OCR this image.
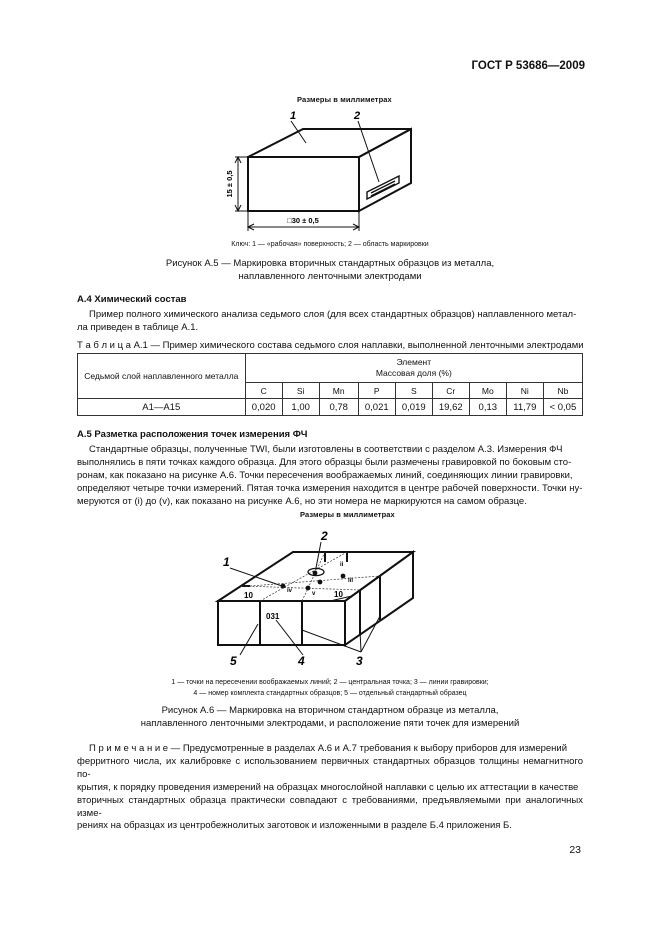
ГОСТ Р 53686—2009
Размеры в миллиметрах
1	2
15 ± 0,5
□30 ± 0,5
Ключ: 1 — «рабочая» поверхность; 2 — область маркировки
Рисунок А.5 — Маркировка вторичных стандартных образцов из металла,
наплавленного ленточными электродами
А.4 Химический состав
Пример полного химического анализа седьмого слоя (для всех стандартных образцов) наплавленного метал-
ла приведен в таблице А.1.
Т а б л и ц а А.1 — Пример химического состава седьмого слоя наплавки, выполненной ленточными электродами
Седьмой слой наплавленного металла	Элемент
Массовая доля (%)								

	C	Si	Mn	P	S	Cr	Mo	Ni	Nb
А1—А15	0,020	1,00	0,78	0,021	0,019	19,62	0,13	11,79	< 0,05
А.5 Разметка расположения точек измерения ФЧ
Стандартные образцы, полученные TWI, были изготовлены в соответствии с разделом А.3. Измерения ФЧ
выполнялись в пяти точках каждого образца. Для этого образцы были размечены гравировкой по боковым сто-
ронам, как показано на рисунке А.6. Точки пересечения воображаемых линий, соединяющих линии гравировки,
определяют четыре точки измерений. Пятая точка измерения находится в центре рабочей поверхности. Точки ну-
меруются от (i) до (v), как показано на рисунке А.6, но эти номера не маркируются на самом образце.
Размеры в миллиметрах
1
2
3
4
5
ii
iii
iv	v
10	10
031
1 — точки на пересечении воображаемых линий; 2 — центральная точка; 3 — линии гравировки;
4 — номер комплекта стандартных образцов; 5 — отдельный стандартный образец
Рисунок А.6 — Маркировка на вторичном стандартном образце из металла,
наплавленного ленточными электродами, и расположение пяти точек для измерений
П р и м е ч а н и е — Предусмотренные в разделах А.6 и А.7 требования к выбору приборов для измерений
ферритного числа, их калибровке с использованием первичных стандартных образцов толщины немагнитного по-
крытия, к порядку проведения измерений на образцах многослойной наплавки с целью их аттестации в качестве
вторичных стандартных образца практически совпадают с требованиями, предъявляемыми при аналогичных изме-
рениях на образцах из центробежнолитых заготовок и изложенными в разделе Б.4 приложения Б.
23
